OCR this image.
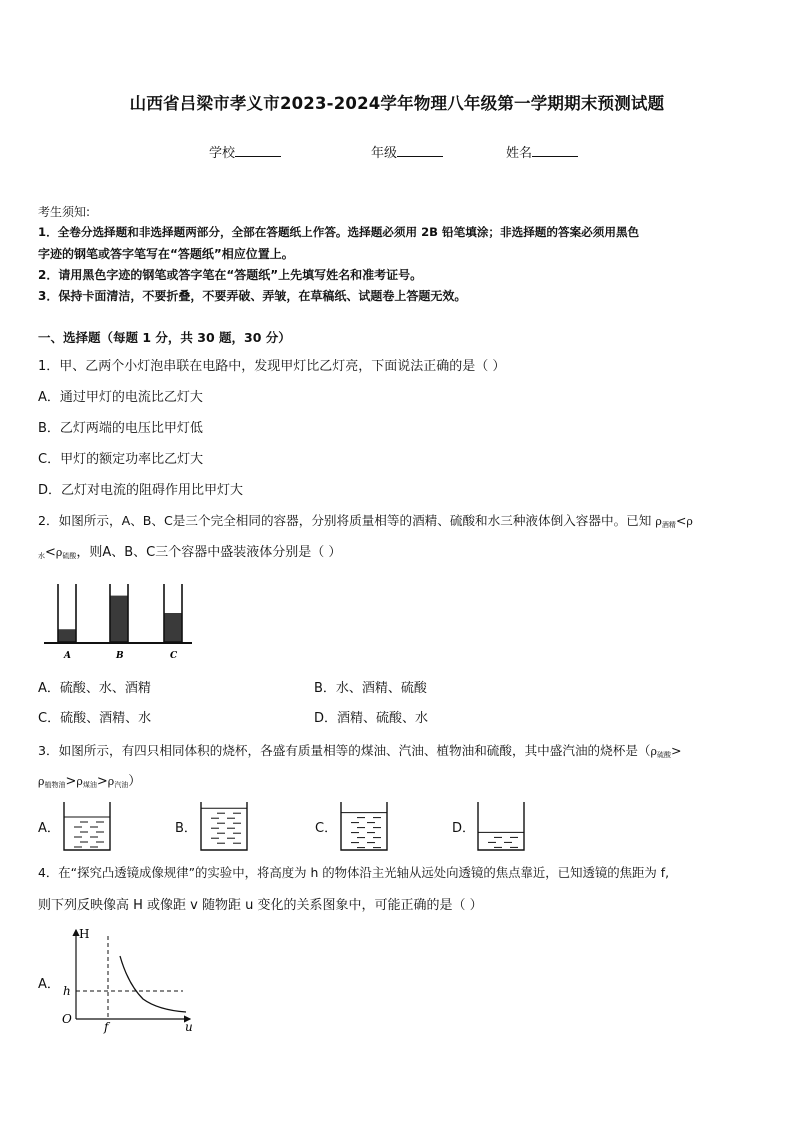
山西省吕梁市孝义市2023-2024学年物理八年级第一学期期末预测试题
学校	年级	姓名
考生须知:
1．全卷分选择题和非选择题两部分，全部在答题纸上作答。选择题必须用 2B 铅笔填涂；非选择题的答案必须用黑色
字迹的钢笔或答字笔写在“答题纸”相应位置上。
2．请用黑色字迹的钢笔或答字笔在“答题纸”上先填写姓名和准考证号。
3．保持卡面清洁，不要折叠，不要弄破、弄皱，在草稿纸、试题卷上答题无效。
一、选择题（每题 1 分，共 30 题，30 分）
1．甲、乙两个小灯泡串联在电路中，发现甲灯比乙灯亮，下面说法正确的是（ ）
A．通过甲灯的电流比乙灯大
B．乙灯两端的电压比甲灯低
C．甲灯的额定功率比乙灯大
D．乙灯对电流的阻碍作用比甲灯大
2．如图所示，A、B、C是三个完全相同的容器，分别将质量相等的酒精、硫酸和水三种液体倒入容器中。已知 $\rho_{酒精}<\rho$
$_水<\rho_{硫酸}$，则A、B、C三个容器中盛装液体分别是（ ）
A	B	C
A．硫酸、水、酒精	B．水、酒精、硫酸
C．硫酸、酒精、水	D．酒精、硫酸、水
3．如图所示，有四只相同体积的烧杯，各盛有质量相等的煤油、汽油、植物油和硫酸，其中盛汽油的烧杯是（$\rho_{硫酸}>$
$\rho_{植物油}>\rho_{煤油}>\rho_{汽油}$）
A．	B．	C．	D．
4．在“探究凸透镜成像规律”的实验中，将高度为 h 的物体沿主光轴从远处向透镜的焦点靠近，已知透镜的焦距为 f,
则下列反映像高 H 或像距 v 随物距 u 变化的关系图象中，可能正确的是（ ）
A．
H
u
O
h
f
